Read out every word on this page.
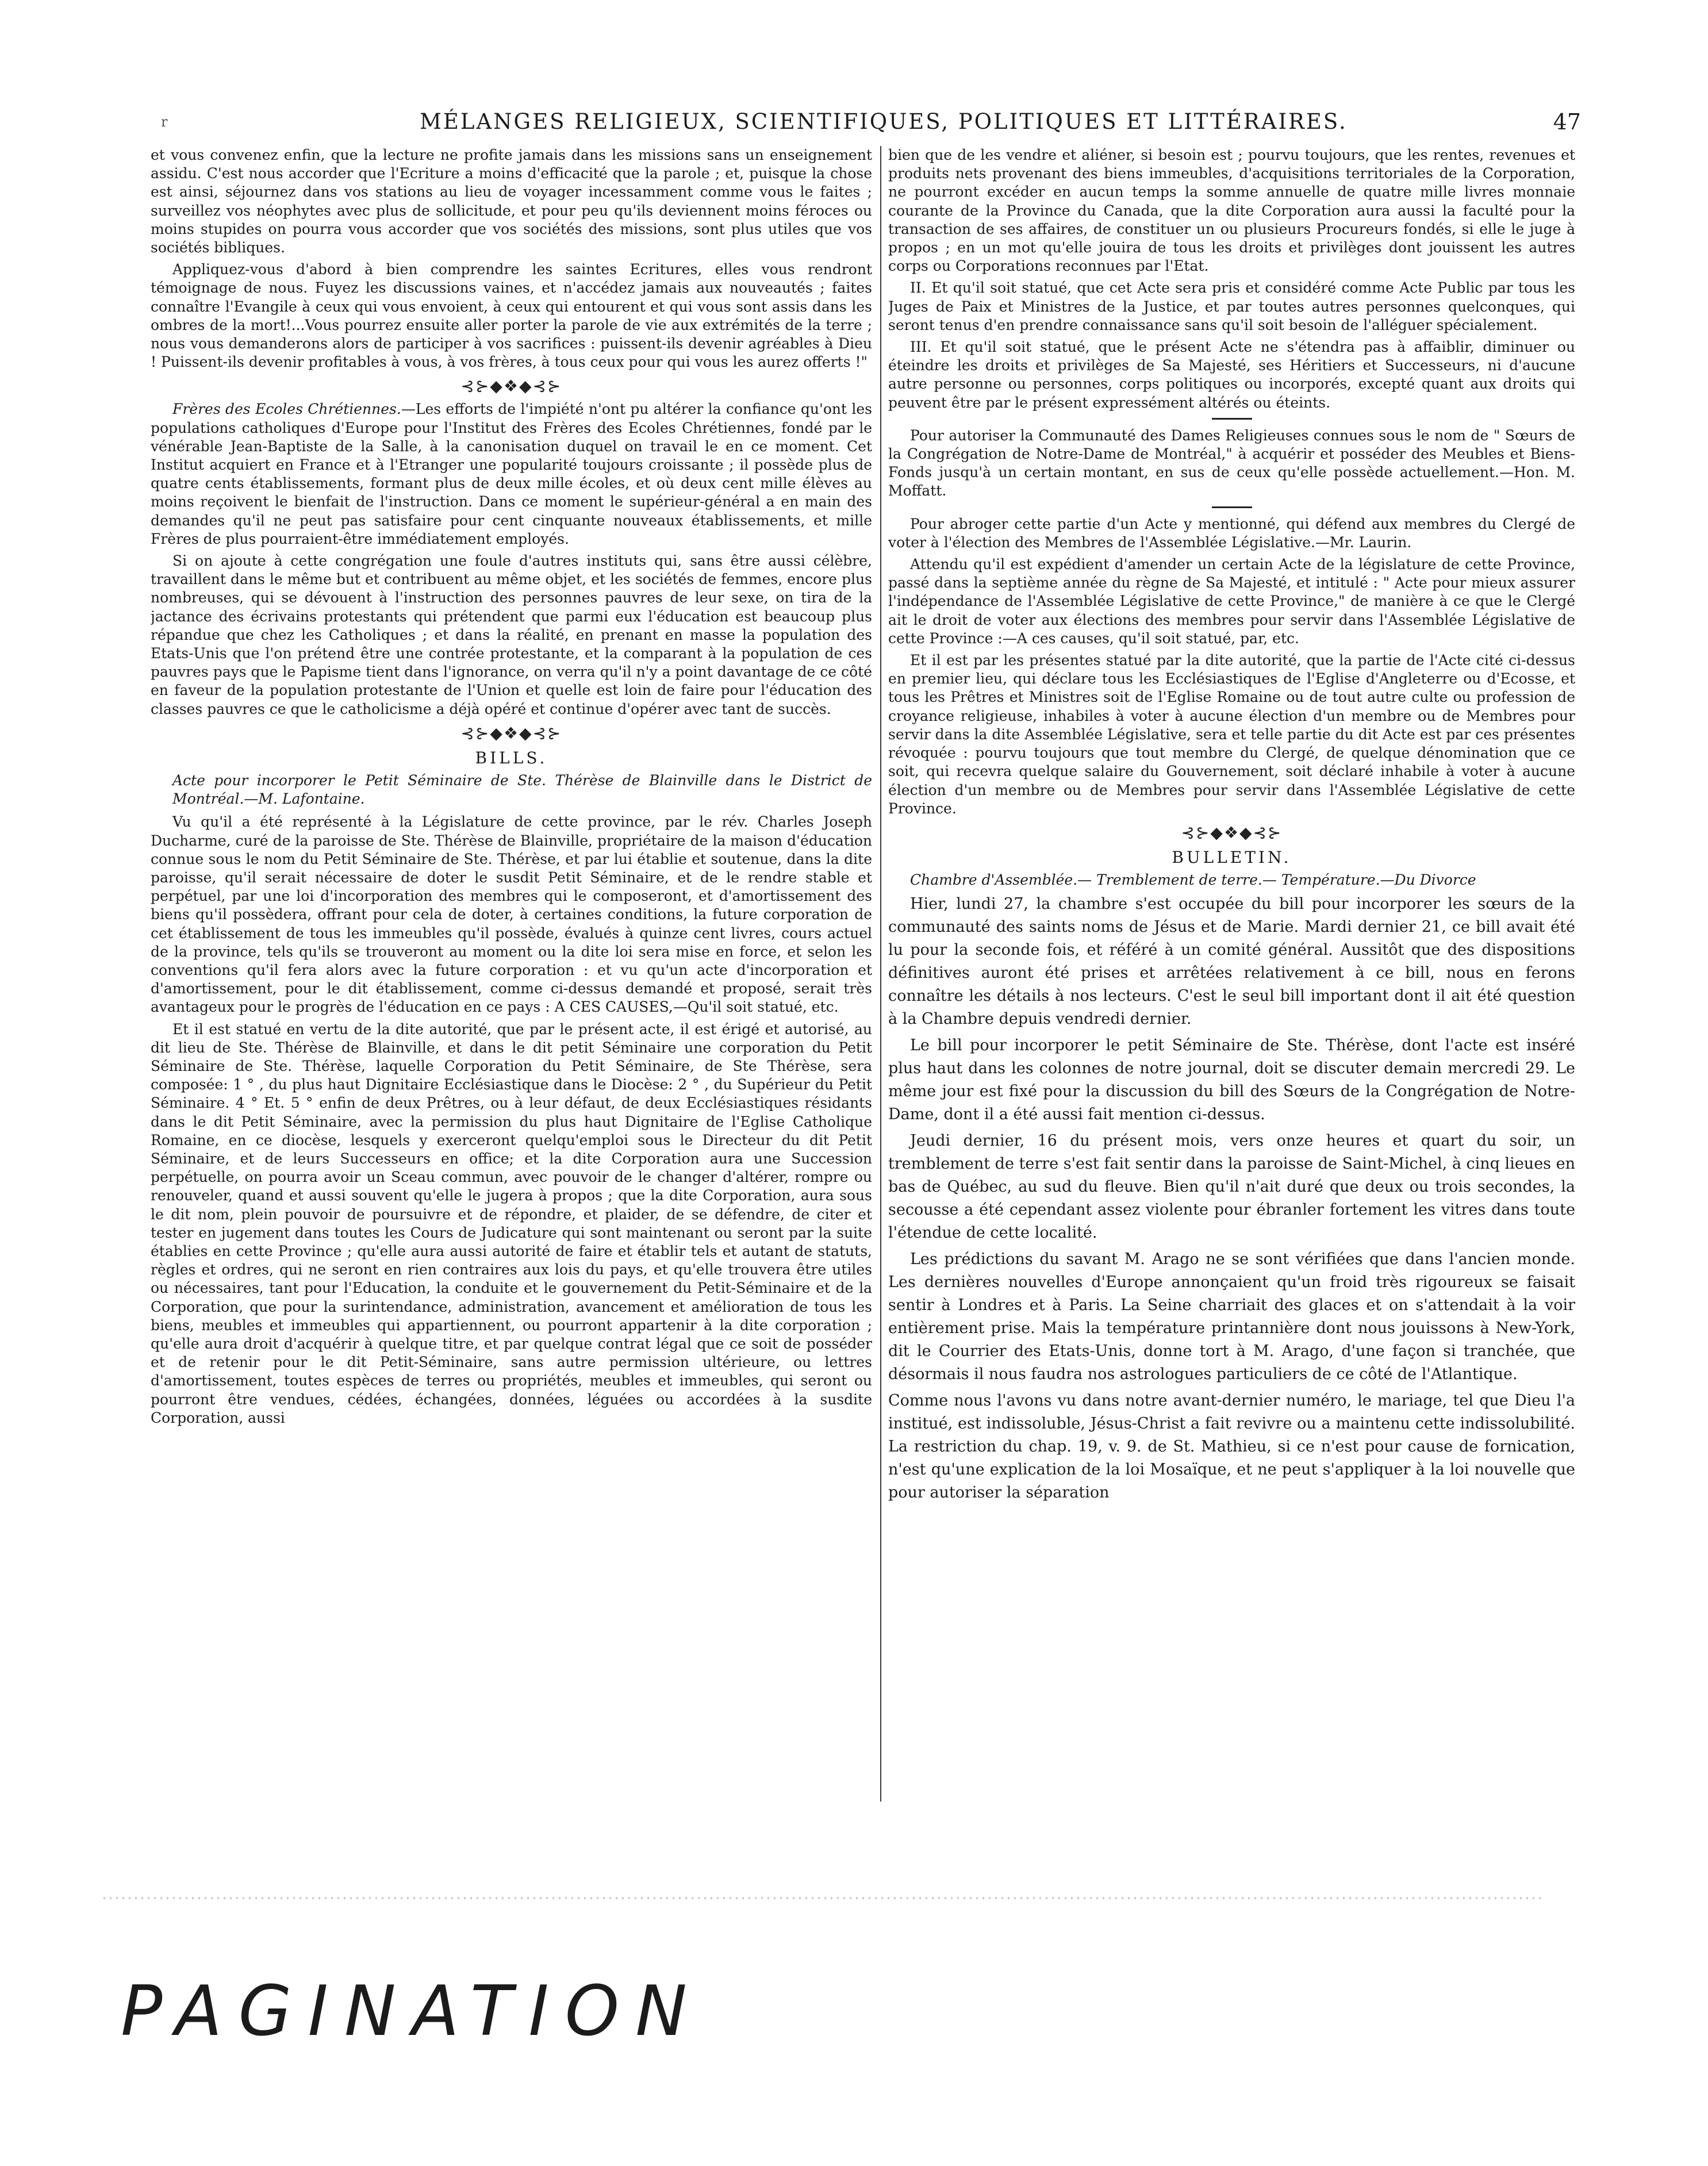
r	MÉLANGES RELIGIEUX, SCIENTIFIQUES, POLITIQUES ET LITTÉRAIRES.	47

et vous convenez enfin, que la lecture ne profite jamais dans les missions sans un enseignement assidu. C'est nous accorder que l'Ecriture a moins d'efficacité que la parole ; et, puisque la chose est ainsi, séjournez dans vos stations au lieu de voyager incessamment comme vous le faites ; surveillez vos néophytes avec plus de sollicitude, et pour peu qu'ils deviennent moins féroces ou moins stupides on pourra vous accorder que vos sociétés des missions, sont plus utiles que vos sociétés bibliques.

Appliquez-vous d'abord à bien comprendre les saintes Ecritures, elles vous rendront témoignage de nous. Fuyez les discussions vaines, et n'accédez jamais aux nouveautés ; faites connaître l'Evangile à ceux qui vous envoient, à ceux qui entourent et qui vous sont assis dans les ombres de la mort!...Vous pourrez ensuite aller porter la parole de vie aux extrémités de la terre ; nous vous demanderons alors de participer à vos sacrifices : puissent-ils devenir agréables à Dieu ! Puissent-ils devenir profitables à vous, à vos frères, à tous ceux pour qui vous les aurez offerts !"

⊰⊱◆❖◆⊰⊱

Frères des Ecoles Chrétiennes.—Les efforts de l'impiété n'ont pu altérer la confiance qu'ont les populations catholiques d'Europe pour l'Institut des Frères des Ecoles Chrétiennes, fondé par le vénérable Jean-Baptiste de la Salle, à la canonisation duquel on travail le en ce moment. Cet Institut acquiert en France et à l'Etranger une popularité toujours croissante ; il possède plus de quatre cents établissements, formant plus de deux mille écoles, et où deux cent mille élèves au moins reçoivent le bienfait de l'instruction. Dans ce moment le supérieur-général a en main des demandes qu'il ne peut pas satisfaire pour cent cinquante nouveaux établissements, et mille Frères de plus pourraient-être immédiatement employés.

Si on ajoute à cette congrégation une foule d'autres instituts qui, sans être aussi célèbre, travaillent dans le même but et contribuent au même objet, et les sociétés de femmes, encore plus nombreuses, qui se dévouent à l'instruction des personnes pauvres de leur sexe, on tira de la jactance des écrivains protestants qui prétendent que parmi eux l'éducation est beaucoup plus répandue que chez les Catholiques ; et dans la réalité, en prenant en masse la population des Etats-Unis que l'on prétend être une contrée protestante, et la comparant à la population de ces pauvres pays que le Papisme tient dans l'ignorance, on verra qu'il n'y a point davantage de ce côté en faveur de la population protestante de l'Union et quelle est loin de faire pour l'éducation des classes pauvres ce que le catholicisme a déjà opéré et continue d'opérer avec tant de succès.

⊰⊱◆❖◆⊰⊱
BILLS.

Acte pour incorporer le Petit Séminaire de Ste. Thérèse de Blainville dans le District de Montréal.—M. Lafontaine.

Vu qu'il a été représenté à la Législature de cette province, par le rév. Charles Joseph Ducharme, curé de la paroisse de Ste. Thérèse de Blainville, propriétaire de la maison d'éducation connue sous le nom du Petit Séminaire de Ste. Thérèse, et par lui établie et soutenue, dans la dite paroisse, qu'il serait nécessaire de doter le susdit Petit Séminaire, et de le rendre stable et perpétuel, par une loi d'incorporation des membres qui le composeront, et d'amortissement des biens qu'il possèdera, offrant pour cela de doter, à certaines conditions, la future corporation de cet établissement de tous les immeubles qu'il possède, évalués à quinze cent livres, cours actuel de la province, tels qu'ils se trouveront au moment ou la dite loi sera mise en force, et selon les conventions qu'il fera alors avec la future corporation : et vu qu'un acte d'incorporation et d'amortissement, pour le dit établissement, comme ci-dessus demandé et proposé, serait très avantageux pour le progrès de l'éducation en ce pays : A CES CAUSES,—Qu'il soit statué, etc.

Et il est statué en vertu de la dite autorité, que par le présent acte, il est érigé et autorisé, au dit lieu de Ste. Thérèse de Blainville, et dans le dit petit Séminaire une corporation du Petit Séminaire de Ste. Thérèse, laquelle Corporation du Petit Séminaire, de Ste Thérèse, sera composée: 1 ° , du plus haut Dignitaire Ecclésiastique dans le Diocèse: 2 ° , du Supérieur du Petit Séminaire. 4 ° Et. 5 ° enfin de deux Prêtres, ou à leur défaut, de deux Ecclésiastiques résidants dans le dit Petit Séminaire, avec la permission du plus haut Dignitaire de l'Eglise Catholique Romaine, en ce diocèse, lesquels y exerceront quelqu'emploi sous le Directeur du dit Petit Séminaire, et de leurs Successeurs en office; et la dite Corporation aura une Succession perpétuelle, on pourra avoir un Sceau commun, avec pouvoir de le changer d'altérer, rompre ou renouveler, quand et aussi souvent qu'elle le jugera à propos ; que la dite Corporation, aura sous le dit nom, plein pouvoir de poursuivre et de répondre, et plaider, de se défendre, de citer et tester en jugement dans toutes les Cours de Judicature qui sont maintenant ou seront par la suite établies en cette Province ; qu'elle aura aussi autorité de faire et établir tels et autant de statuts, règles et ordres, qui ne seront en rien contraires aux lois du pays, et qu'elle trouvera être utiles ou nécessaires, tant pour l'Education, la conduite et le gouvernement du Petit-Séminaire et de la Corporation, que pour la surintendance, administration, avancement et amélioration de tous les biens, meubles et immeubles qui appartiennent, ou pourront appartenir à la dite corporation ; qu'elle aura droit d'acquérir à quelque titre, et par quelque contrat légal que ce soit de posséder et de retenir pour le dit Petit-Séminaire, sans autre permission ultérieure, ou lettres d'amortissement, toutes espèces de terres ou propriétés, meubles et immeubles, qui seront ou pourront être vendues, cédées, échangées, données, léguées ou accordées à la susdite Corporation, aussi

bien que de les vendre et aliéner, si besoin est ; pourvu toujours, que les rentes, revenues et produits nets provenant des biens immeubles, d'acquisitions territoriales de la Corporation, ne pourront excéder en aucun temps la somme annuelle de quatre mille livres monnaie courante de la Province du Canada, que la dite Corporation aura aussi la faculté pour la transaction de ses affaires, de constituer un ou plusieurs Procureurs fondés, si elle le juge à propos ; en un mot qu'elle jouira de tous les droits et privilèges dont jouissent les autres corps ou Corporations reconnues par l'Etat.

II. Et qu'il soit statué, que cet Acte sera pris et considéré comme Acte Public par tous les Juges de Paix et Ministres de la Justice, et par toutes autres personnes quelconques, qui seront tenus d'en prendre connaissance sans qu'il soit besoin de l'alléguer spécialement.

III. Et qu'il soit statué, que le présent Acte ne s'étendra pas à affaiblir, diminuer ou éteindre les droits et privilèges de Sa Majesté, ses Héritiers et Successeurs, ni d'aucune autre personne ou personnes, corps politiques ou incorporés, excepté quant aux droits qui peuvent être par le présent expressément altérés ou éteints.

Pour autoriser la Communauté des Dames Religieuses connues sous le nom de " Sœurs de la Congrégation de Notre-Dame de Montréal," à acquérir et posséder des Meubles et Biens-Fonds jusqu'à un certain montant, en sus de ceux qu'elle possède actuellement.—Hon. M. Moffatt.

Pour abroger cette partie d'un Acte y mentionné, qui défend aux membres du Clergé de voter à l'élection des Membres de l'Assemblée Législative.—Mr. Laurin.

Attendu qu'il est expédient d'amender un certain Acte de la législature de cette Province, passé dans la septième année du règne de Sa Majesté, et intitulé : " Acte pour mieux assurer l'indépendance de l'Assemblée Législative de cette Province," de manière à ce que le Clergé ait le droit de voter aux élections des membres pour servir dans l'Assemblée Législative de cette Province :—A ces causes, qu'il soit statué, par, etc.

Et il est par les présentes statué par la dite autorité, que la partie de l'Acte cité ci-dessus en premier lieu, qui déclare tous les Ecclésiastiques de l'Eglise d'Angleterre ou d'Ecosse, et tous les Prêtres et Ministres soit de l'Eglise Romaine ou de tout autre culte ou profession de croyance religieuse, inhabiles à voter à aucune élection d'un membre ou de Membres pour servir dans la dite Assemblée Législative, sera et telle partie du dit Acte est par ces présentes révoquée : pourvu toujours que tout membre du Clergé, de quelque dénomination que ce soit, qui recevra quelque salaire du Gouvernement, soit déclaré inhabile à voter à aucune élection d'un membre ou de Membres pour servir dans l'Assemblée Législative de cette Province.

⊰⊱◆❖◆⊰⊱
BULLETIN.

Chambre d'Assemblée.— Tremblement de terre.— Température.—Du Divorce

Hier, lundi 27, la chambre s'est occupée du bill pour incorporer les sœurs de la communauté des saints noms de Jésus et de Marie. Mardi dernier 21, ce bill avait été lu pour la seconde fois, et référé à un comité général. Aussitôt que des dispositions définitives auront été prises et arrêtées relativement à ce bill, nous en ferons connaître les détails à nos lecteurs. C'est le seul bill important dont il ait été question à la Chambre depuis vendredi dernier.

Le bill pour incorporer le petit Séminaire de Ste. Thérèse, dont l'acte est inséré plus haut dans les colonnes de notre journal, doit se discuter demain mercredi 29. Le même jour est fixé pour la discussion du bill des Sœurs de la Congrégation de Notre-Dame, dont il a été aussi fait mention ci-dessus.

Jeudi dernier, 16 du présent mois, vers onze heures et quart du soir, un tremblement de terre s'est fait sentir dans la paroisse de Saint-Michel, à cinq lieues en bas de Québec, au sud du fleuve. Bien qu'il n'ait duré que deux ou trois secondes, la secousse a été cependant assez violente pour ébranler fortement les vitres dans toute l'étendue de cette localité.

Les prédictions du savant M. Arago ne se sont vérifiées que dans l'ancien monde. Les dernières nouvelles d'Europe annonçaient qu'un froid très rigoureux se faisait sentir à Londres et à Paris. La Seine charriait des glaces et on s'attendait à la voir entièrement prise. Mais la température printannière dont nous jouissons à New-York, dit le Courrier des Etats-Unis, donne tort à M. Arago, d'une façon si tranchée, que désormais il nous faudra nos astrologues particuliers de ce côté de l'Atlantique.

Comme nous l'avons vu dans notre avant-dernier numéro, le mariage, tel que Dieu l'a institué, est indissoluble, Jésus-Christ a fait revivre ou a maintenu cette indissolubilité. La restriction du chap. 19, v. 9. de St. Mathieu, si ce n'est pour cause de fornication, n'est qu'une explication de la loi Mosaïque, et ne peut s'appliquer à la loi nouvelle que pour autoriser la séparation

PAGINATION
